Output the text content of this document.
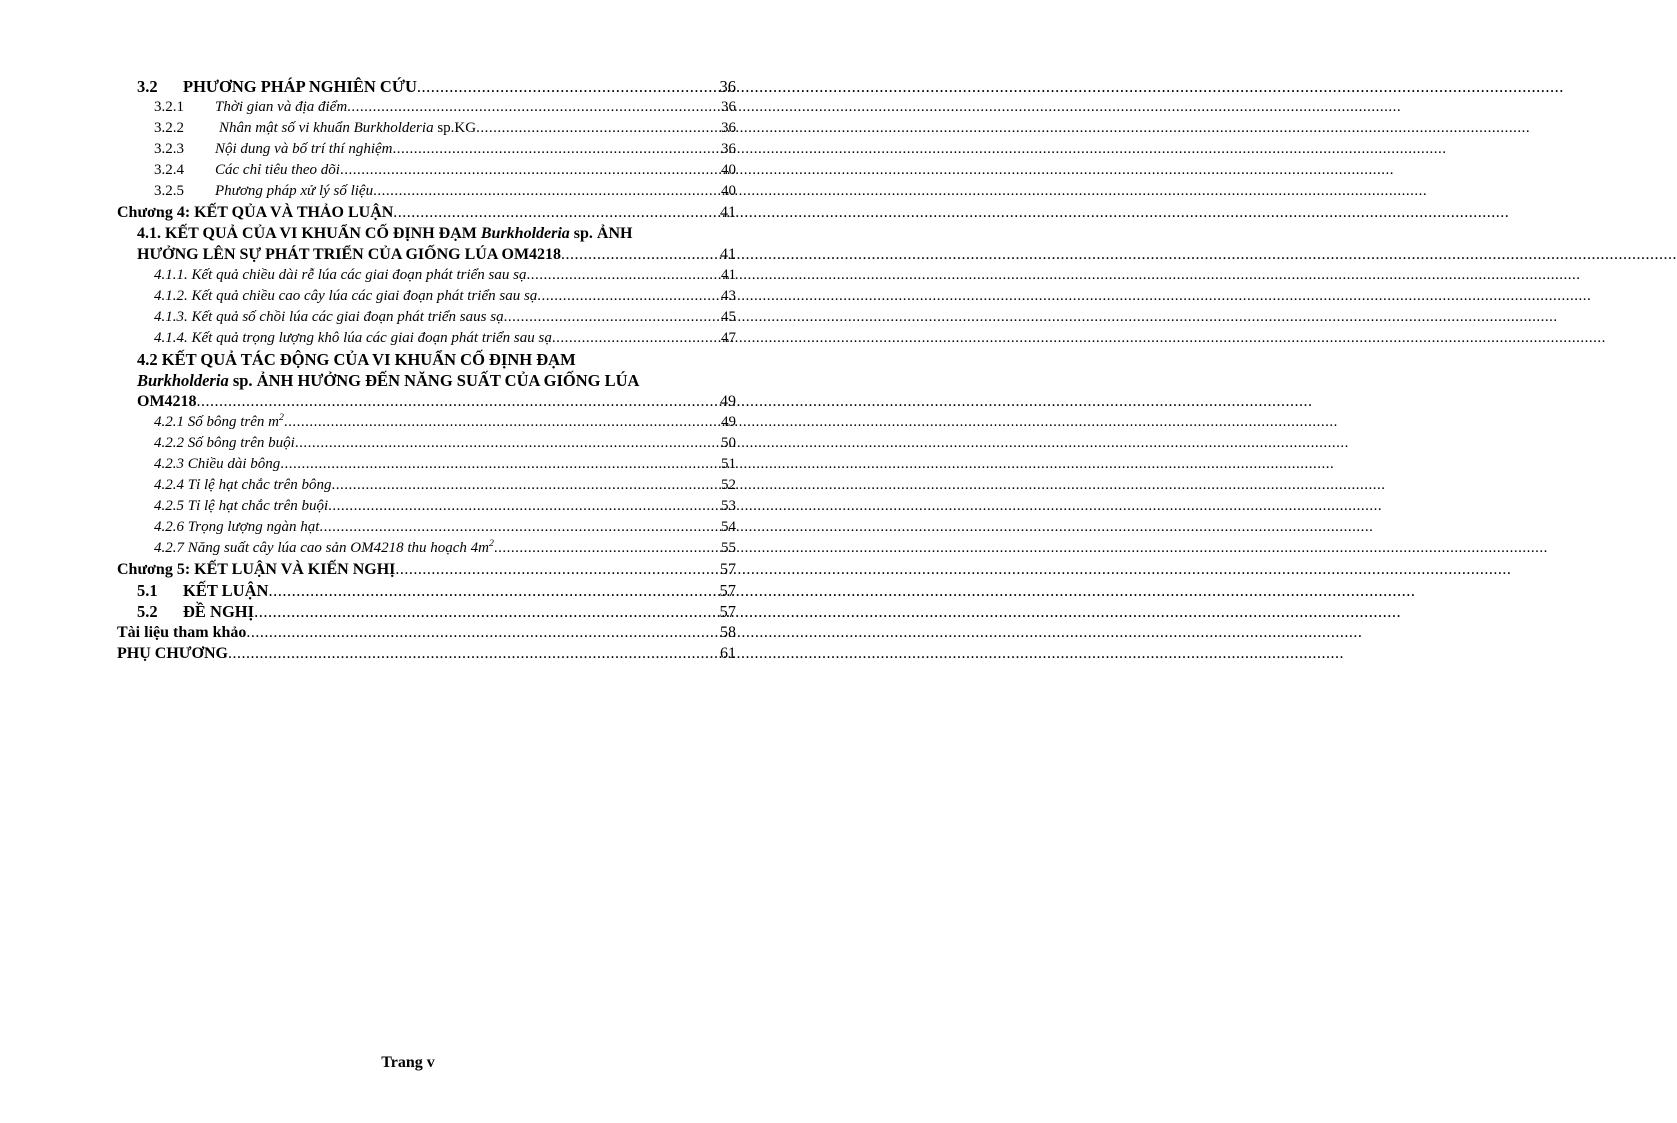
3.2	PHƯƠNG PHÁP NGHIÊN CỨU .....	36
3.2.1	Thời gian và địa điểm .....	36
3.2.2	Nhân mật số vi khuẩn Burkholderia sp.KG .....	36
3.2.3	Nội dung và bố trí thí nghiệm .....	36
3.2.4	Các chỉ tiêu theo dõi .....	40
3.2.5	Phương pháp xử lý số liệu .....	40
Chương 4: KẾT QỦA VÀ THẢO LUẬN .....	41
4.1. KẾT QUẢ CỦA VI KHUẨN CỐ ĐỊNH ĐẠM Burkholderia sp. ẢNH
HƯỞNG LÊN SỰ PHÁT TRIỂN CỦA GIỐNG LÚA OM4218 .....	41
4.1.1. Kết quả chiều dài rễ lúa các giai đoạn phát triển sau sạ .....	41
4.1.2. Kết quả chiều cao cây lúa các giai đoạn phát triển sau sạ .....	43
4.1.3. Kết quả số chồi lúa các giai đoạn phát triển saus sạ .....	45
4.1.4. Kết quả trọng lượng khô lúa các giai đoạn phát triển sau sạ .....	47
4.2 KẾT QUẢ TÁC ĐỘNG CỦA VI KHUẨN CỐ ĐỊNH ĐẠM
Burkholderia sp. ẢNH HƯỞNG ĐẾN NĂNG SUẤT CỦA GIỐNG LÚA
OM4218 .....	49
4.2.1 Số bông trên $m^2$ .....	49
4.2.2 Số bông trên buội .....	50
4.2.3 Chiều dài bông .....	51
4.2.4 Tỉ lệ hạt chắc trên bông .....	52
4.2.5 Tỉ lệ hạt chắc trên buội .....	53
4.2.6 Trọng lượng ngàn hạt .....	54
4.2.7 Năng suất cây lúa cao sản OM4218 thu hoạch $4m^2$ .....	55
Chương 5: KẾT LUẬN VÀ KIẾN NGHỊ .....	57
5.1	KẾT LUẬN .....	57
5.2	ĐỀ NGHỊ .....	57
Tài liệu tham khảo .....	58
PHỤ CHƯƠNG .....	61
Trang v
